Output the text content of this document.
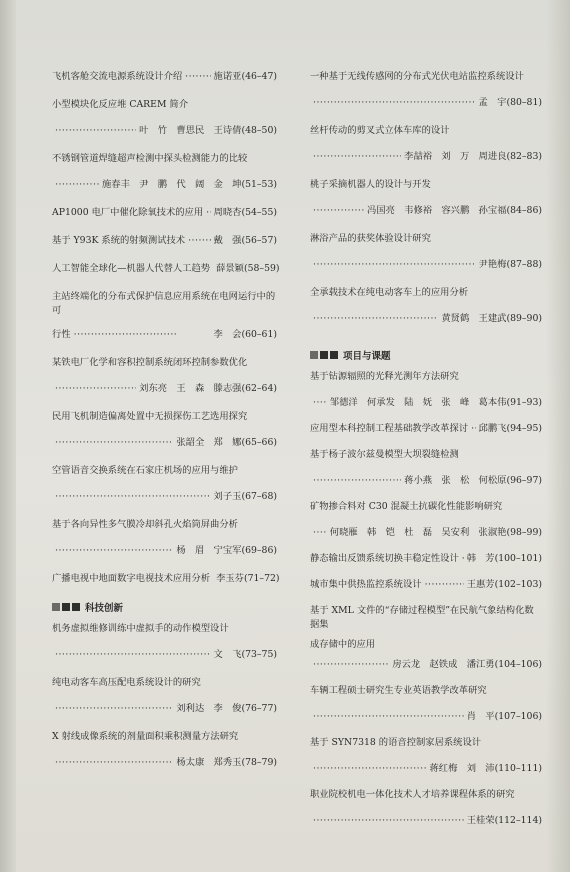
飞机客舱交流电源系统设计介绍 ·····	施诺亚 (46–47)
小型模块化反应堆 CAREM 简介
·····
叶　竹　曹思民　王诗倩 (48–50)
不锈钢管道焊缝超声检测中探头检测能力的比较
·····
施春丰　尹　鹏　代　阔　金　坤 (51–53)
AP1000 电厂中催化除氧技术的应用 ····· 周晓杏 (54–55)
基于 Y93K 系统的射频测试技术 ·····	戴　强 (56–57)
人工智能全球化—机器人代替人工趋势 薛景颖 (58–59)
主站终端化的分布式保护信息应用系统在电网运行中的可
行性 ·····	李　会 (60–61)
某铁电厂化学和容积控制系统闭环控制参数优化
·····
刘东亮　王　森　滕志强 (62–64)
民用飞机制造偏离处置中无损探伤工艺选用探究
·····
张韶全　郑　娜 (65–66)
空管语音交换系统在石家庄机场的应用与维护
·····
刘子玉 (67–68)
基于各向异性多气膜冷却斜孔火焰筒屏曲分析
·····
杨　眉　宁宝军 (69–86)
广播电视中地面数字电视技术应用分析 李玉芬 (71–72)
科技创新
机务虚拟维修训练中虚拟手的动作模型设计
·····
文　飞 (73–75)
纯电动客车高压配电系统设计的研究
·····
刘利达　李　俊 (76–77)
X 射线成像系统的剂量面积乘积测量方法研究
·····
杨太康　郑秀玉 (78–79)
一种基于无线传感网的分布式光伏电站监控系统设计
·····
孟　宇 (80–81)
丝杆传动的剪叉式立体车库的设计
·····
李喆裕　刘　万　周进良 (82–83)
桃子采摘机器人的设计与开发
·····
冯国亮　韦修裕　容兴鹏　孙宝福 (84–86)
淋浴产品的获奖体验设计研究
·····
尹艳梅 (87–88)
全承载技术在纯电动客车上的应用分析
·····
黄贤鹤　王建武 (89–90)
项目与课题
基于钻源辐照的光释光测年方法研究
·····
邹德洋　何承发　陆　妩　张　峰　葛本伟 (91–93)
应用型本科控制工程基础教学改革探讨 ····· 邱鹏飞 (94–95)
基于杨子波尔兹曼模型大坝裂缝检测
·····
蒋小燕　张　松　何松原 (96–97)
矿物掺合料对 C30 混凝土抗碳化性能影响研究
·····
何晓雁　韩　铠　杜　磊　吴安利　张淑艳 (98–99)
静态输出反馈系统切换丰稳定性设计 ····· 韩　芳 (100–101)
城市集中供热监控系统设计 ·····	王惠芳 (102–103)
基于 XML 文件的“存储过程模型”在民航气象结构化数据集
成存储中的应用
·····
房云龙　赵铁成　潘江勇 (104–106)
车辆工程硕士研究生专业英语教学改革研究
·····
肖　平 (107–106)
基于 SYN7318 的语音控制家居系统设计
·····
蒋红梅　刘　沛 (110–111)
职业院校机电一体化技术人才培养课程体系的研究
·····
王桂荣 (112–114)
